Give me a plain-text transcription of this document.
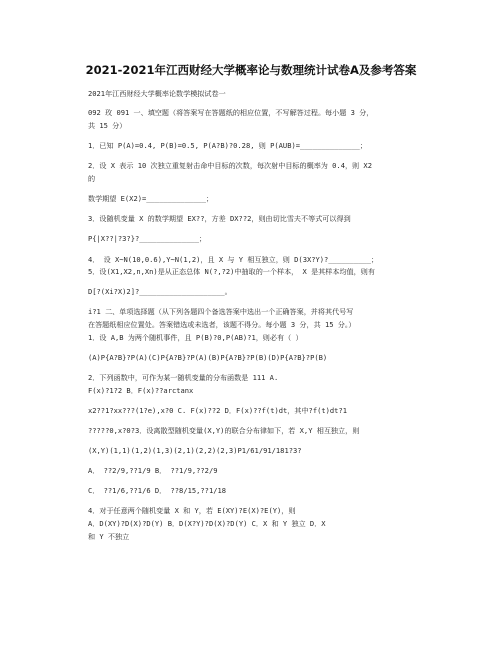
2021-2021年江西财经大学概率论与数理统计试卷A及参考答案
2021年江西财经大学概率论数学模拟试卷一
092 玫 091 一、填空题（将答案写在答题纸的相应位置，不写解答过程。每小题 3 分，
共 15 分）
1．已知 P(A)=0.4, P(B)=0.5, P(A?B)?0.28, 则 P(AUB)=______________；
2．设 X 表示 10 次独立重复射击命中目标的次数，每次射中目标的概率为 0.4，则 X2
的
数学期望 E(X2)=______________；
3．设随机变量 X 的数学期望 EX??，方差 DX??2，则由切比雪夫不等式可以得到
P{|X??|?3?}?______________；
4． 设 X~N(10,0.6),Y~N(1,2)，且 X 与 Y 相互独立，则 D(3X?Y)?__________；
5．设(X1,X2,n,Xn)是从正态总体 N(?,?2)中抽取的一个样本， X 是其样本均值，则有
D[?(Xi?X)2]?____________________。
i?1 二、单项选择题（从下列各题四个备选答案中选出一个正确答案，并将其代号写
在答题纸相应位置处。答案错选或未选者，该题不得分。每小题 3 分，共 15 分。）
1．设 A,B 为两个随机事件，且 P(B)?0,P(AB)?1，则必有（ ）
(A)P{A?B}?P(A)(C)P{A?B}?P(A)(B)P{A?B}?P(B)(D)P{A?B}?P(B)
2．下列函数中，可作为某一随机变量的分布函数是 111 A.
F(x)?1?2 B．F(x)??arctanx
x2??1?xx???(1?e),x?0 C. F(x)??2 D．F(x)??f(t)dt，其中?f(t)dt?1
?????0,x?0?3．设离散型随机变量(X,Y)的联合分布律如下，若 X,Y 相互独立，则
(X,Y)(1,1)(1,2)(1,3)(2,1)(2,2)(2,3)P1/61/91/181?3?
A． ??2/9,??1/9 B． ??1/9,??2/9
C． ??1/6,??1/6 D． ??8/15,??1/18
4．对于任意两个随机变量 X 和 Y，若 E(XY)?E(X)?E(Y)，则
A．D(XY)?D(X)?D(Y) B．D(X?Y)?D(X)?D(Y) C．X 和 Y 独立 D．X
和 Y 不独立
